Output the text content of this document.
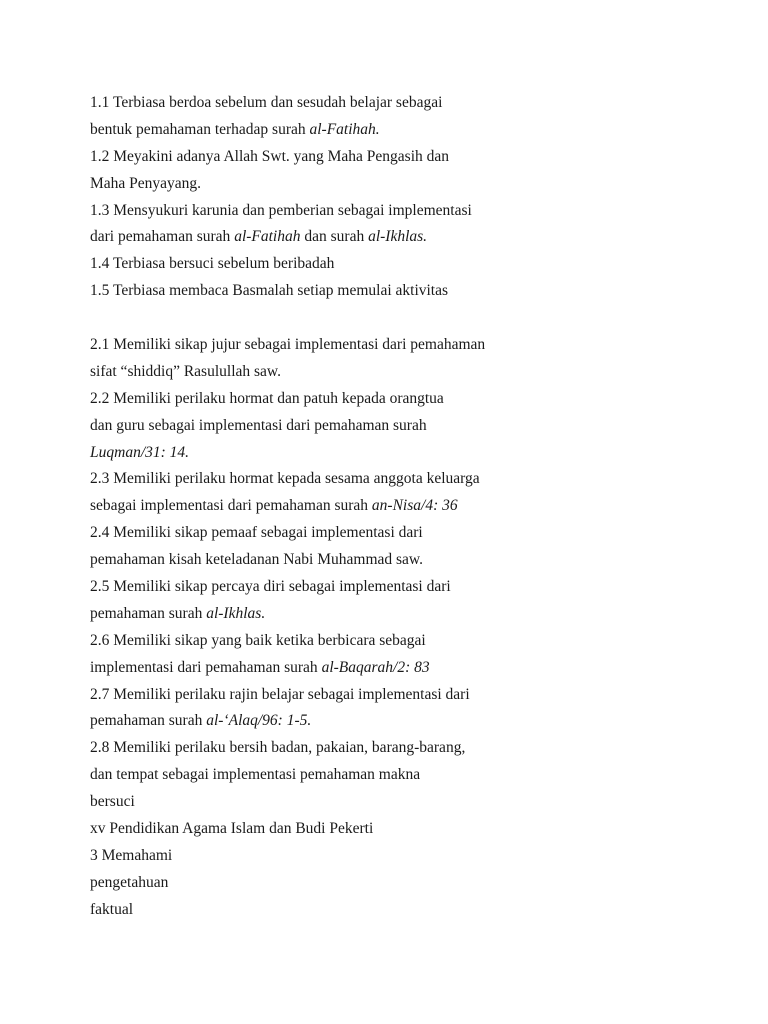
1.1 Terbiasa berdoa sebelum dan sesudah belajar sebagai
bentuk pemahaman terhadap surah al-Fatihah.
1.2 Meyakini adanya Allah Swt. yang Maha Pengasih dan
Maha Penyayang.
1.3 Mensyukuri karunia dan pemberian sebagai implementasi
dari pemahaman surah al-Fatihah dan surah al-Ikhlas.
1.4 Terbiasa bersuci sebelum beribadah
1.5 Terbiasa membaca Basmalah setiap memulai aktivitas
2.1 Memiliki sikap jujur sebagai implementasi dari pemahaman
sifat “shiddiq” Rasulullah saw.
2.2 Memiliki perilaku hormat dan patuh kepada orangtua
dan guru sebagai implementasi dari pemahaman surah
Luqman/31: 14.
2.3 Memiliki perilaku hormat kepada sesama anggota keluarga
sebagai implementasi dari pemahaman surah an-Nisa/4: 36
2.4 Memiliki sikap pemaaf sebagai implementasi dari
pemahaman kisah keteladanan Nabi Muhammad saw.
2.5 Memiliki sikap percaya diri sebagai implementasi dari
pemahaman surah al-Ikhlas.
2.6 Memiliki sikap yang baik ketika berbicara sebagai
implementasi dari pemahaman surah al-Baqarah/2: 83
2.7 Memiliki perilaku rajin belajar sebagai implementasi dari
pemahaman surah al-‘Alaq/96: 1-5.
2.8 Memiliki perilaku bersih badan, pakaian, barang-barang,
dan tempat sebagai implementasi pemahaman makna
bersuci
xv Pendidikan Agama Islam dan Budi Pekerti
3 Memahami
pengetahuan
faktual
